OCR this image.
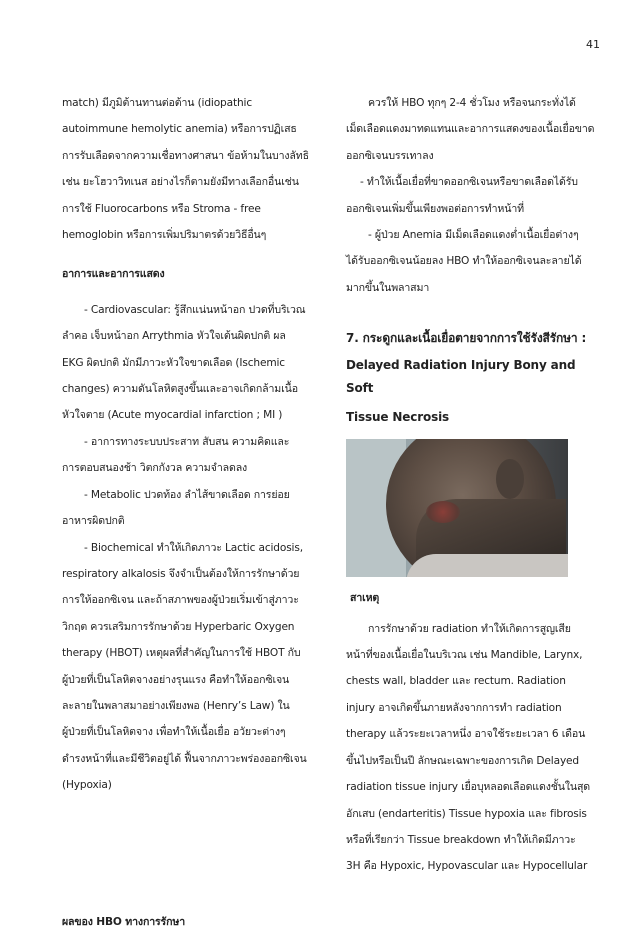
41

match) มีภูมิต้านทานต่อต้าน (idiopathic

autoimmune hemolytic anemia) หรือการปฏิเสธ

การรับเลือดจากความเชื่อทางศาสนา ข้อห้ามในบางลัทธิ

เช่น ยะโฮวาวิทเนส อย่างไรก็ตามยังมีทางเลือกอื่นเช่น

การใช้ Fluorocarbons หรือ Stroma - free

hemoglobin หรือการเพิ่มปริมาตรด้วยวิธีอื่นๆ

อาการและอาการแสดง

- Cardiovascular: รู้สึกแน่นหน้าอก ปวดที่บริเวณ

ลำคอ เจ็บหน้าอก Arrythmia หัวใจเต้นผิดปกติ ผล

EKG ผิดปกติ มักมีภาวะหัวใจขาดเลือด (Ischemic

changes) ความดันโลหิตสูงขึ้นและอาจเกิดกล้ามเนื้อ

หัวใจตาย (Acute myocardial infarction ; MI )

- อาการทางระบบประสาท สับสน ความคิดและ

การตอบสนองช้า วิตกกังวล ความจำลดลง

- Metabolic ปวดท้อง ลำไส้ขาดเลือด การย่อย

อาหารผิดปกติ

- Biochemical ทำให้เกิดภาวะ Lactic acidosis,

respiratory alkalosis จึงจำเป็นต้องให้การรักษาด้วย

การให้ออกซิเจน และถ้าสภาพของผู้ป่วยเริ่มเข้าสู่ภาวะ

วิกฤต ควรเสริมการรักษาด้วย Hyperbaric Oxygen

therapy (HBOT) เหตุผลที่สำคัญในการใช้ HBOT กับ

ผู้ป่วยที่เป็นโลหิตจางอย่างรุนแรง คือทำให้ออกซิเจน

ละลายในพลาสมาอย่างเพียงพอ (Henry’s Law) ใน

ผู้ป่วยที่เป็นโลหิตจาง เพื่อทำให้เนื้อเยื่อ อวัยวะต่างๆ

ดำรงหน้าที่และมีชีวิตอยู่ได้ ฟื้นจากภาวะพร่องออกซิเจน

(Hypoxia)

ผลของ HBO ทางการรักษา

ควรให้ HBO ทุกๆ 2-4 ชั่วโมง หรือจนกระทั่งได้

เม็ดเลือดแดงมาทดแทนและอาการแสดงของเนื้อเยื่อขาด

ออกซิเจนบรรเทาลง

- ทำให้เนื้อเยื่อที่ขาดออกซิเจนหรือขาดเลือดได้รับ

ออกซิเจนเพิ่มขึ้นเพียงพอต่อการทำหน้าที่

- ผู้ป่วย Anemia มีเม็ดเลือดแดงต่ำเนื้อเยื่อต่างๆ

ได้รับออกซิเจนน้อยลง HBO ทำให้ออกซิเจนละลายได้

มากขึ้นในพลาสมา

7. กระดูกและเนื้อเยื่อตายจากการใช้รังสีรักษา :

Delayed Radiation Injury Bony and Soft

Tissue Necrosis

สาเหตุ

การรักษาด้วย radiation ทำให้เกิดการสูญเสีย

หน้าที่ของเนื้อเยื่อในบริเวณ เช่น Mandible, Larynx,

chests wall, bladder และ rectum. Radiation

injury อาจเกิดขึ้นภายหลังจากการทำ radiation

therapy แล้วระยะเวลาหนึ่ง อาจใช้ระยะเวลา 6 เดือน

ขึ้นไปหรือเป็นปี ลักษณะเฉพาะของการเกิด Delayed

radiation tissue injury เยื่อบุหลอดเลือดแดงชั้นในสุด

อักเสบ (endarteritis) Tissue hypoxia และ fibrosis

หรือที่เรียกว่า Tissue breakdown ทำให้เกิดมีภาวะ

3H คือ Hypoxic, Hypovascular และ Hypocellular
